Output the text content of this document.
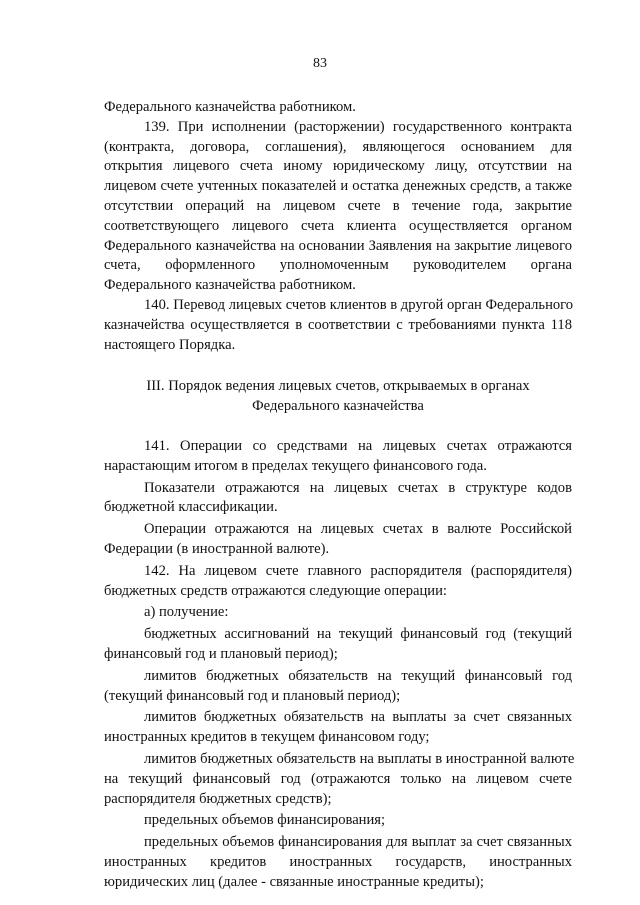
83
Федерального казначейства работником.
139. При исполнении (расторжении) государственного контракта
(контракта, договора, соглашения), являющегося основанием для
открытия лицевого счета иному юридическому лицу, отсутствии на
лицевом счете учтенных показателей и остатка денежных средств, а также
отсутствии операций на лицевом счете в течение года, закрытие
соответствующего лицевого счета клиента осуществляется органом
Федерального казначейства на основании Заявления на закрытие лицевого
счета, оформленного уполномоченным руководителем органа
Федерального казначейства работником.
140. Перевод лицевых счетов клиентов в другой орган Федерального
казначейства осуществляется в соответствии с требованиями пункта 118
настоящего Порядка.
III. Порядок ведения лицевых счетов, открываемых в органах
Федерального казначейства
141. Операции со средствами на лицевых счетах отражаются
нарастающим итогом в пределах текущего финансового года.
Показатели отражаются на лицевых счетах в структуре кодов
бюджетной классификации.
Операции отражаются на лицевых счетах в валюте Российской
Федерации (в иностранной валюте).
142. На лицевом счете главного распорядителя (распорядителя)
бюджетных средств отражаются следующие операции:
а) получение:
бюджетных ассигнований на текущий финансовый год (текущий
финансовый год и плановый период);
лимитов бюджетных обязательств на текущий финансовый год
(текущий финансовый год и плановый период);
лимитов бюджетных обязательств на выплаты за счет связанных
иностранных кредитов в текущем финансовом году;
лимитов бюджетных обязательств на выплаты в иностранной валюте
на текущий финансовый год (отражаются только на лицевом счете
распорядителя бюджетных средств);
предельных объемов финансирования;
предельных объемов финансирования для выплат за счет связанных
иностранных кредитов иностранных государств, иностранных
юридических лиц (далее - связанные иностранные кредиты);
